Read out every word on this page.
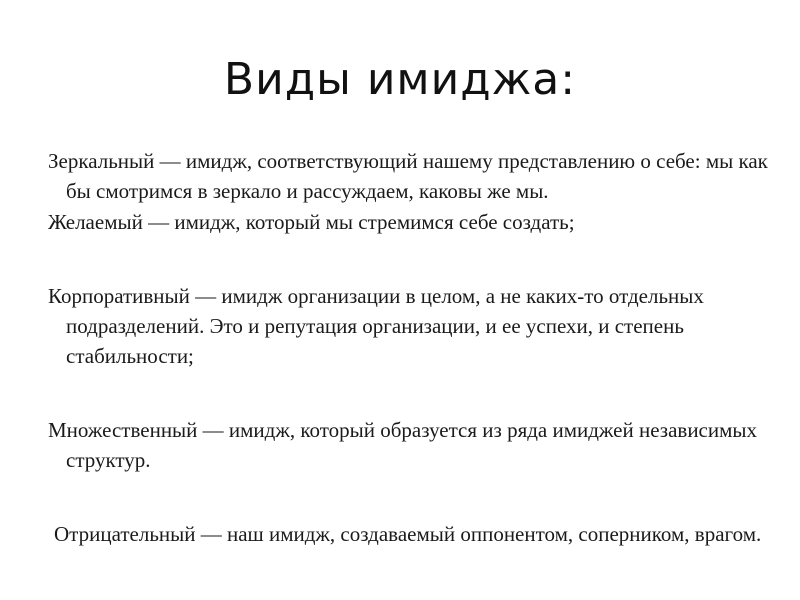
Виды имиджа:

Зеркальный — имидж, соответствующий нашему представлению о себе: мы как бы смотримся в зеркало и рассуждаем, каковы же мы.

Желаемый — имидж, который мы стремимся себе создать;

Корпоративный — имидж организации в целом, а не каких-то отдельных подразделений. Это и репутация организации, и ее успехи, и степень стабильности;

Множественный — имидж, который образуется из ряда имиджей независимых структур.

Отрицательный — наш имидж, создаваемый оппонентом, соперником, врагом.
